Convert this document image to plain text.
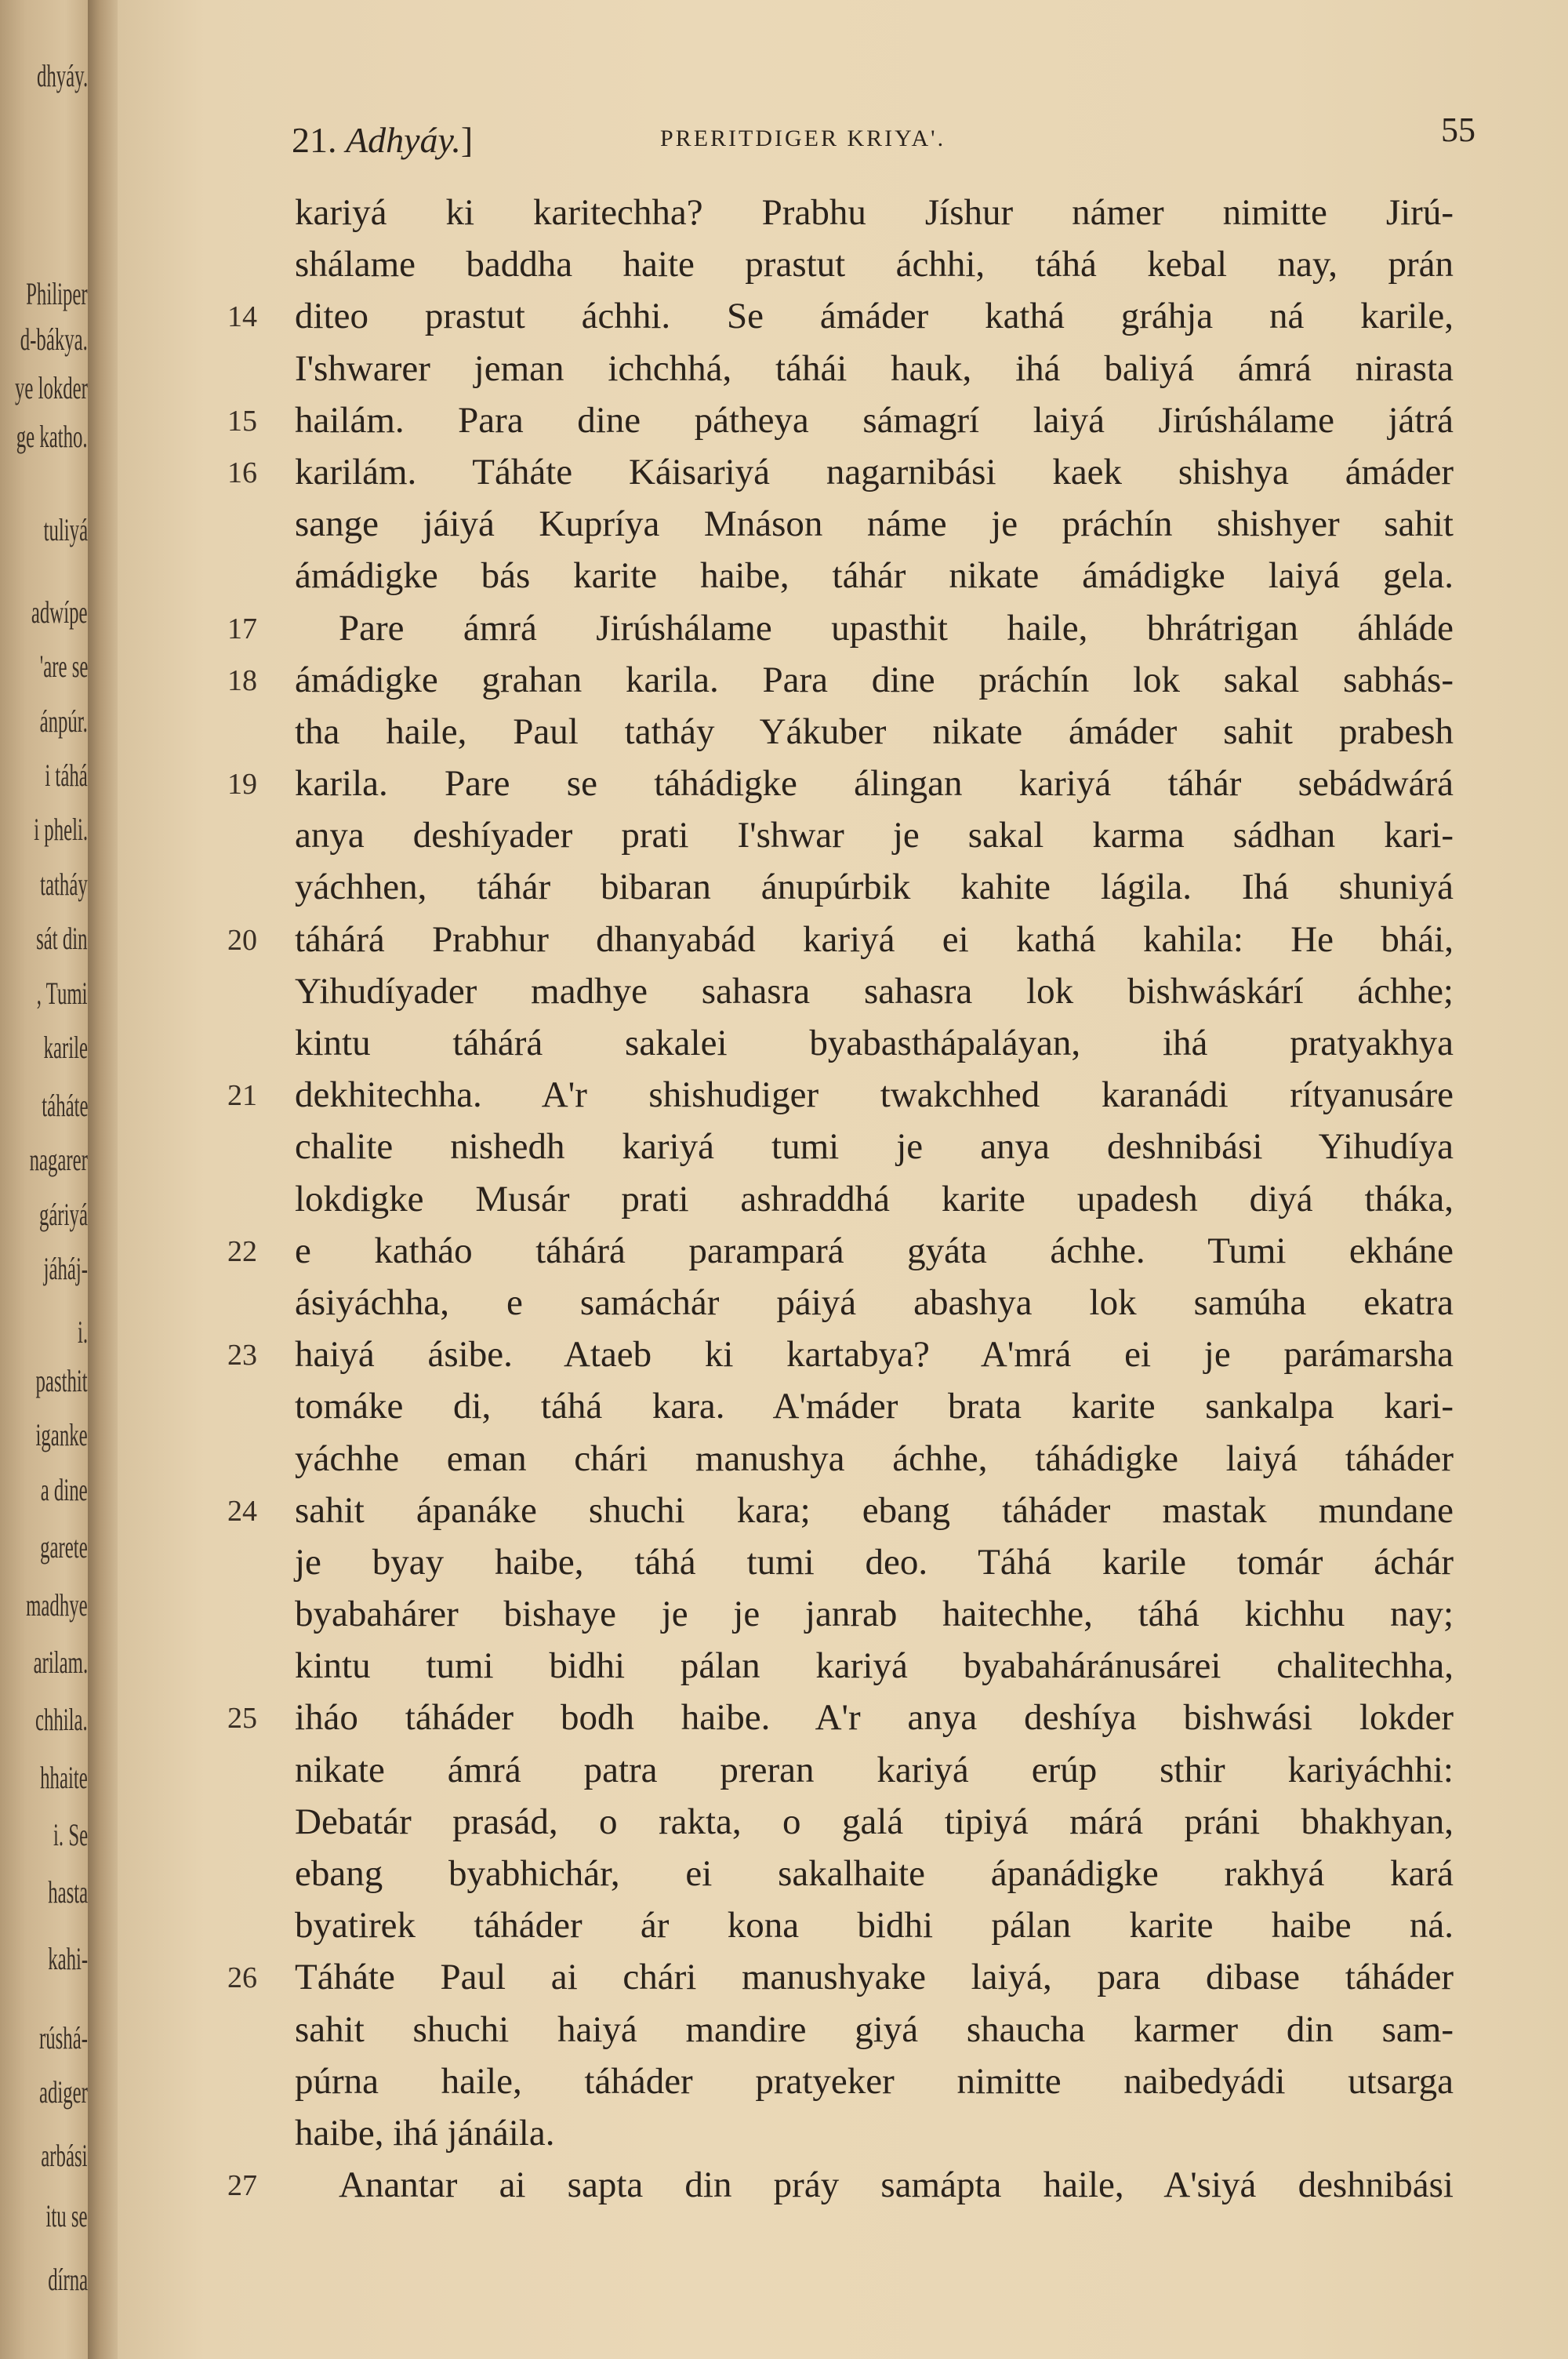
dhyáy.
Philiper
d-bákya.
ye lokder
ge katho.
tuliyá
adwípe
'are se
ánpúr.
i táhá
i pheli.
tatháy
sát din
, Tumi
karile
táháte
nagarer
gáriyá
jáháj-
i.
pasthit
iganke
a dine
garete
madhye
arilam.
chhila.
hhaite
i. Se
hasta
kahi-
rúshá-
adiger
arbási
itu se
dírna
21. Adhyáy.]	PRERITDIGER KRIYA'.	55
kariyá ki karitechha? Prabhu Jíshur námer nimitte Jirú-
shálame baddha haite prastut áchhi, táhá kebal nay, prán
14	diteo prastut áchhi. Se ámáder kathá gráhja ná karile,
I'shwarer jeman ichchhá, táhái hauk, ihá baliyá ámrá nirasta
15	hailám. Para dine pátheya sámagrí laiyá Jirúshálame játrá
16	karilám. Táháte Káisariyá nagarnibási kaek shishya ámáder
sange jáiyá Kupríya Mnáson náme je práchín shishyer sahit
ámádigke bás karite haibe, táhár nikate ámádigke laiyá gela.
17	Pare ámrá Jirúshálame upasthit haile, bhrátrigan áhláde
18	ámádigke grahan karila. Para dine práchín lok sakal sabhás-
tha haile, Paul tatháy Yákuber nikate ámáder sahit prabesh
19	karila. Pare se táhádigke álingan kariyá táhár sebádwárá
anya deshíyader prati I'shwar je sakal karma sádhan kari-
yáchhen, táhár bibaran ánupúrbik kahite lágila. Ihá shuniyá
20	táhárá Prabhur dhanyabád kariyá ei kathá kahila: He bhái,
Yihudíyader madhye sahasra sahasra lok bishwáskárí áchhe;
kintu táhárá sakalei byabasthápaláyan, ihá pratyakhya
21	dekhitechha. A'r shishudiger twakchhed karanádi rítyanusáre
chalite nishedh kariyá tumi je anya deshnibási Yihudíya
lokdigke Musár prati ashraddhá karite upadesh diyá tháka,
22	e katháo táhárá parampará gyáta áchhe. Tumi ekháne
ásiyáchha, e samáchár páiyá abashya lok samúha ekatra
23	haiyá ásibe. Ataeb ki kartabya? A'mrá ei je parámarsha
tomáke di, táhá kara. A'máder brata karite sankalpa kari-
yáchhe eman chári manushya áchhe, táhádigke laiyá táháder
24	sahit ápanáke shuchi kara; ebang táháder mastak mundane
je byay haibe, táhá tumi deo. Táhá karile tomár áchár
byabahárer bishaye je je janrab haitechhe, táhá kichhu nay;
kintu tumi bidhi pálan kariyá byabaháránusárei chalitechha,
25	iháo táháder bodh haibe. A'r anya deshíya bishwási lokder
nikate ámrá patra preran kariyá erúp sthir kariyáchhi:
Debatár prasád, o rakta, o galá tipiyá márá práni bhakhyan,
ebang byabhichár, ei sakalhaite ápanádigke rakhyá kará
byatirek táháder ár kona bidhi pálan karite haibe ná.
26	Táháte Paul ai chári manushyake laiyá, para dibase táháder
sahit shuchi haiyá mandire giyá shaucha karmer din sam-
púrna haile, táháder pratyeker nimitte naibedyádi utsarga
haibe, ihá jánáila.
27	Anantar ai sapta din práy samápta haile, A'siyá deshnibási
